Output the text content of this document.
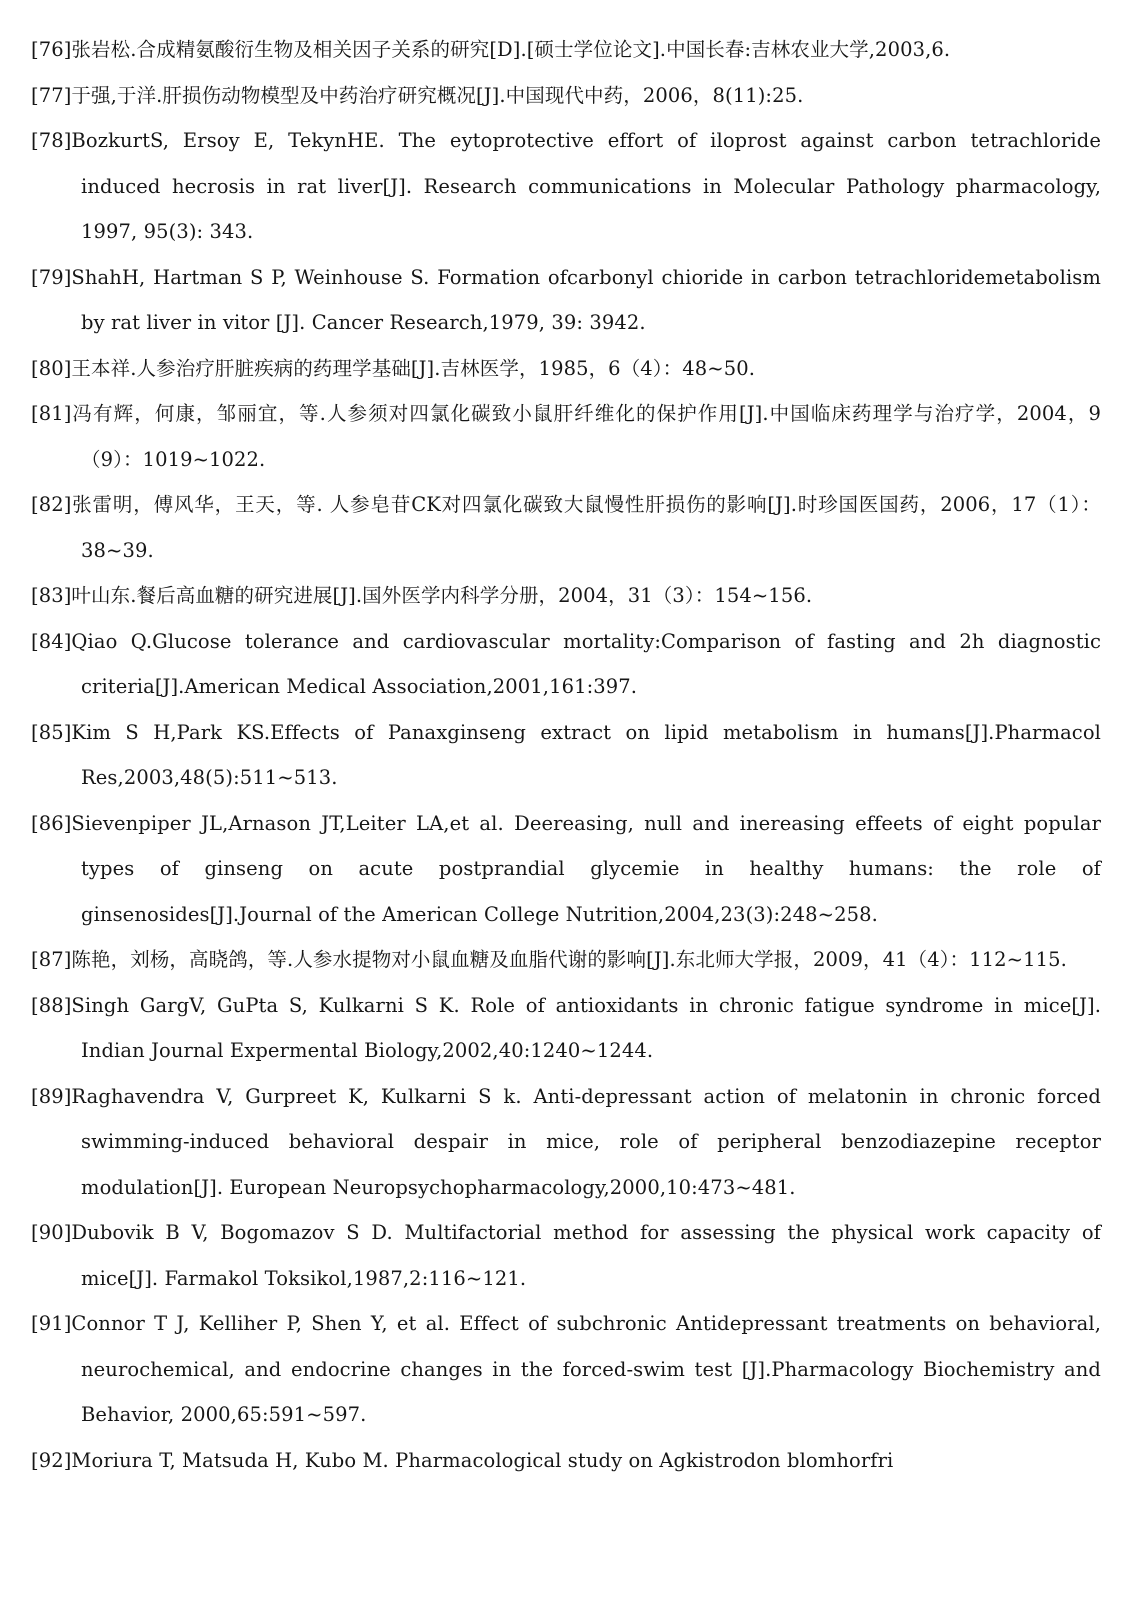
[76]张岩松.合成精氨酸衍生物及相关因子关系的研究[D].[硕士学位论文].中国长春:吉林农业大学,2003,6.

[77]于强,于洋.肝损伤动物模型及中药治疗研究概况[J].中国现代中药，2006，8(11):25.

[78]BozkurtS, Ersoy E, TekynHE. The eytoprotective effort of iloprost against carbon tetrachloride induced hecrosis in rat liver[J]. Research communications in Molecular Pathology pharmacology, 1997, 95(3): 343.

[79]ShahH, Hartman S P, Weinhouse S. Formation ofcarbonyl chioride in carbon tetrachloridemetabolism by rat liver in vitor [J]. Cancer Research,1979, 39: 3942.

[80]王本祥.人参治疗肝脏疾病的药理学基础[J].吉林医学，1985，6（4）：48~50.

[81]冯有辉，何康，邹丽宜，等.人参须对四氯化碳致小鼠肝纤维化的保护作用[J].中国临床药理学与治疗学，2004，9（9）：1019~1022.

[82]张雷明，傅风华，王天，等. 人参皂苷CK对四氯化碳致大鼠慢性肝损伤的影响[J].时珍国医国药，2006，17（1）：38~39.

[83]叶山东.餐后高血糖的研究进展[J].国外医学内科学分册，2004，31（3）：154~156.

[84]Qiao Q.Glucose tolerance and cardiovascular mortality:Comparison of fasting and 2h diagnostic criteria[J].American Medical Association,2001,161:397.

[85]Kim S H,Park KS.Effects of Panaxginseng extract on lipid metabolism in humans[J].Pharmacol Res,2003,48(5):511~513.

[86]Sievenpiper JL,Arnason JT,Leiter LA,et al. Deereasing, null and inereasing effeets of eight popular types of ginseng on acute postprandial glycemie in healthy humans: the role of ginsenosides[J].Journal of the American College Nutrition,2004,23(3):248~258.

[87]陈艳，刘杨，高晓鸽，等.人参水提物对小鼠血糖及血脂代谢的影响[J].东北师大学报，2009，41（4）：112~115.

[88]Singh GargV, GuPta S, Kulkarni S K. Role of antioxidants in chronic fatigue syndrome in mice[J]. Indian Journal Expermental Biology,2002,40:1240~1244.

[89]Raghavendra V, Gurpreet K, Kulkarni S k. Anti-depressant action of melatonin in chronic forced swimming-induced behavioral despair in mice, role of peripheral benzodiazepine receptor modulation[J]. European Neuropsychopharmacology,2000,10:473~481.

[90]Dubovik B V, Bogomazov S D. Multifactorial method for assessing the physical work capacity of mice[J]. Farmakol Toksikol,1987,2:116~121.

[91]Connor T J, Kelliher P, Shen Y, et al. Effect of subchronic Antidepressant treatments on behavioral, neurochemical, and endocrine changes in the forced-swim test [J].Pharmacology Biochemistry and Behavior, 2000,65:591~597.

[92]Moriura T, Matsuda H, Kubo M. Pharmacological study on Agkistrodon blomhorfri
